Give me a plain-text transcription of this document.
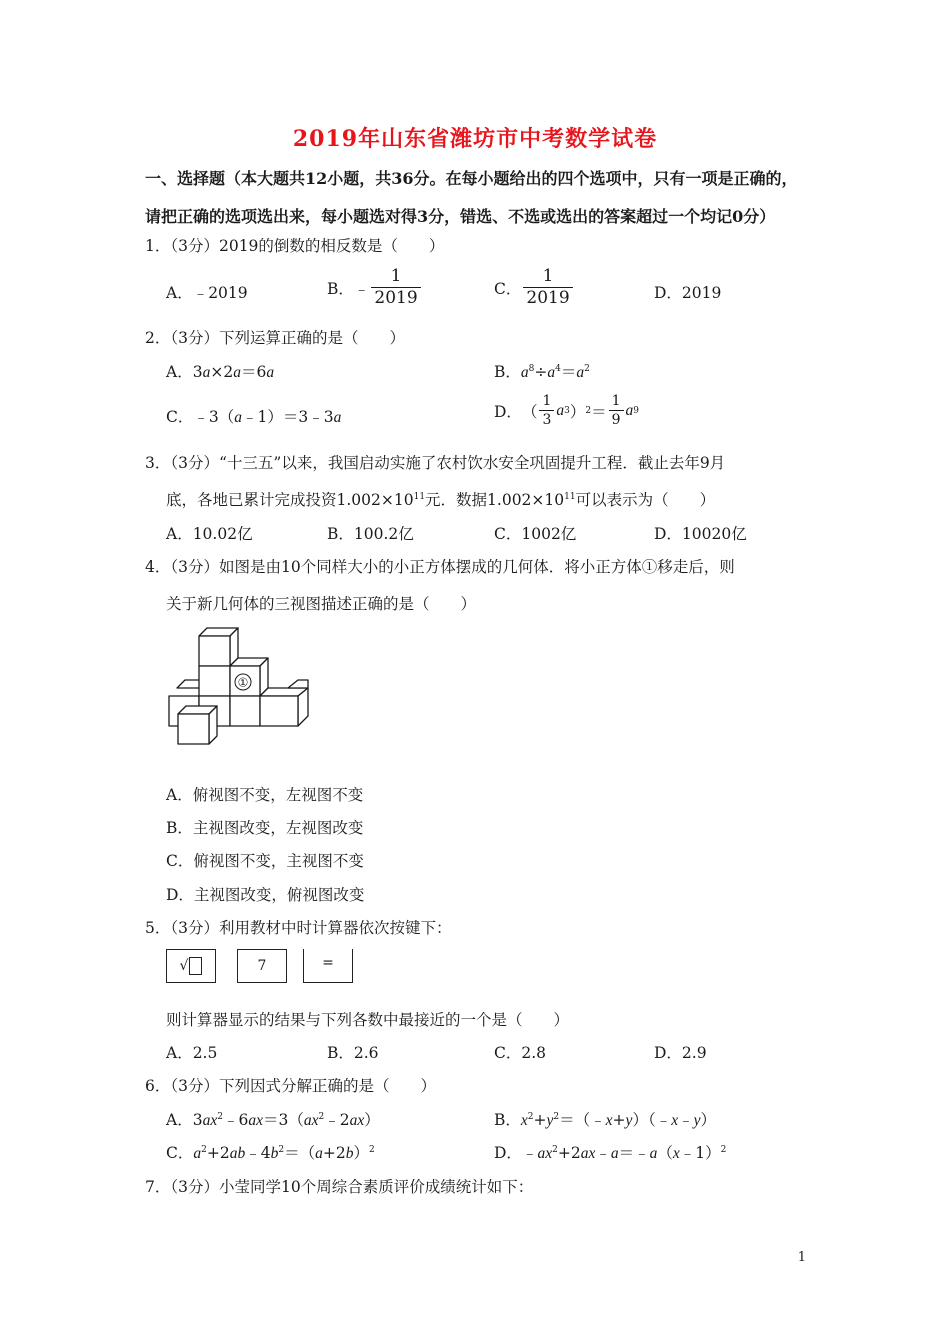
2019年山东省潍坊市中考数学试卷
一、选择题（本大题共12小题，共36分。在每小题给出的四个选项中，只有一项是正确的，
请把正确的选项选出来，每小题选对得3分，错选、不选或选出的答案超过一个均记0分）
1．（3分）2019的倒数的相反数是（　　）
A．﹣2019	B．﹣ $\frac{1}{2019}$	C． $\frac{1}{2019}$	D．2019
2．（3分）下列运算正确的是（　　）
A．3a×2a＝6a	B．$a^8\div a^4=a^2$
C．﹣3（a﹣1）＝3﹣3a	D． （ $\frac{1}{3}$ a 3 ） $2 = \frac{1}{9}$ a 9
3．（3分）“十三五”以来，我国启动实施了农村饮水安全巩固提升工程．截止去年9月
底，各地已累计完成投资$1.002\times 10^{11}$元．数据$1.002\times 10^{11}$可以表示为（　　）
A．10.02亿	B．100.2亿	C．1002亿	D．10020亿
4．（3分）如图是由10个同样大小的小正方体摆成的几何体．将小正方体①移走后，则
关于新几何体的三视图描述正确的是（　　）
①
A．俯视图不变，左视图不变
B．主视图改变，左视图改变
C．俯视图不变，主视图不变
D．主视图改变，俯视图改变
5．（3分）利用教材中时计算器依次按键下：
√	7	=
则计算器显示的结果与下列各数中最接近的一个是（　　）
A．2.5	B．2.6	C．2.8	D．2.9
6．（3分）下列因式分解正确的是（　　）
A．$3ax^2﹣6ax=3(ax^2﹣2ax)$	B．$x^2+y^2=(﹣x+y)(﹣x﹣y)$
C．$a^2+2ab﹣4b^2=(a+2b)^2$	D．$﹣ax^2+2ax﹣a=﹣a(x﹣1)^2$
7．（3分）小莹同学10个周综合素质评价成绩统计如下：
1
